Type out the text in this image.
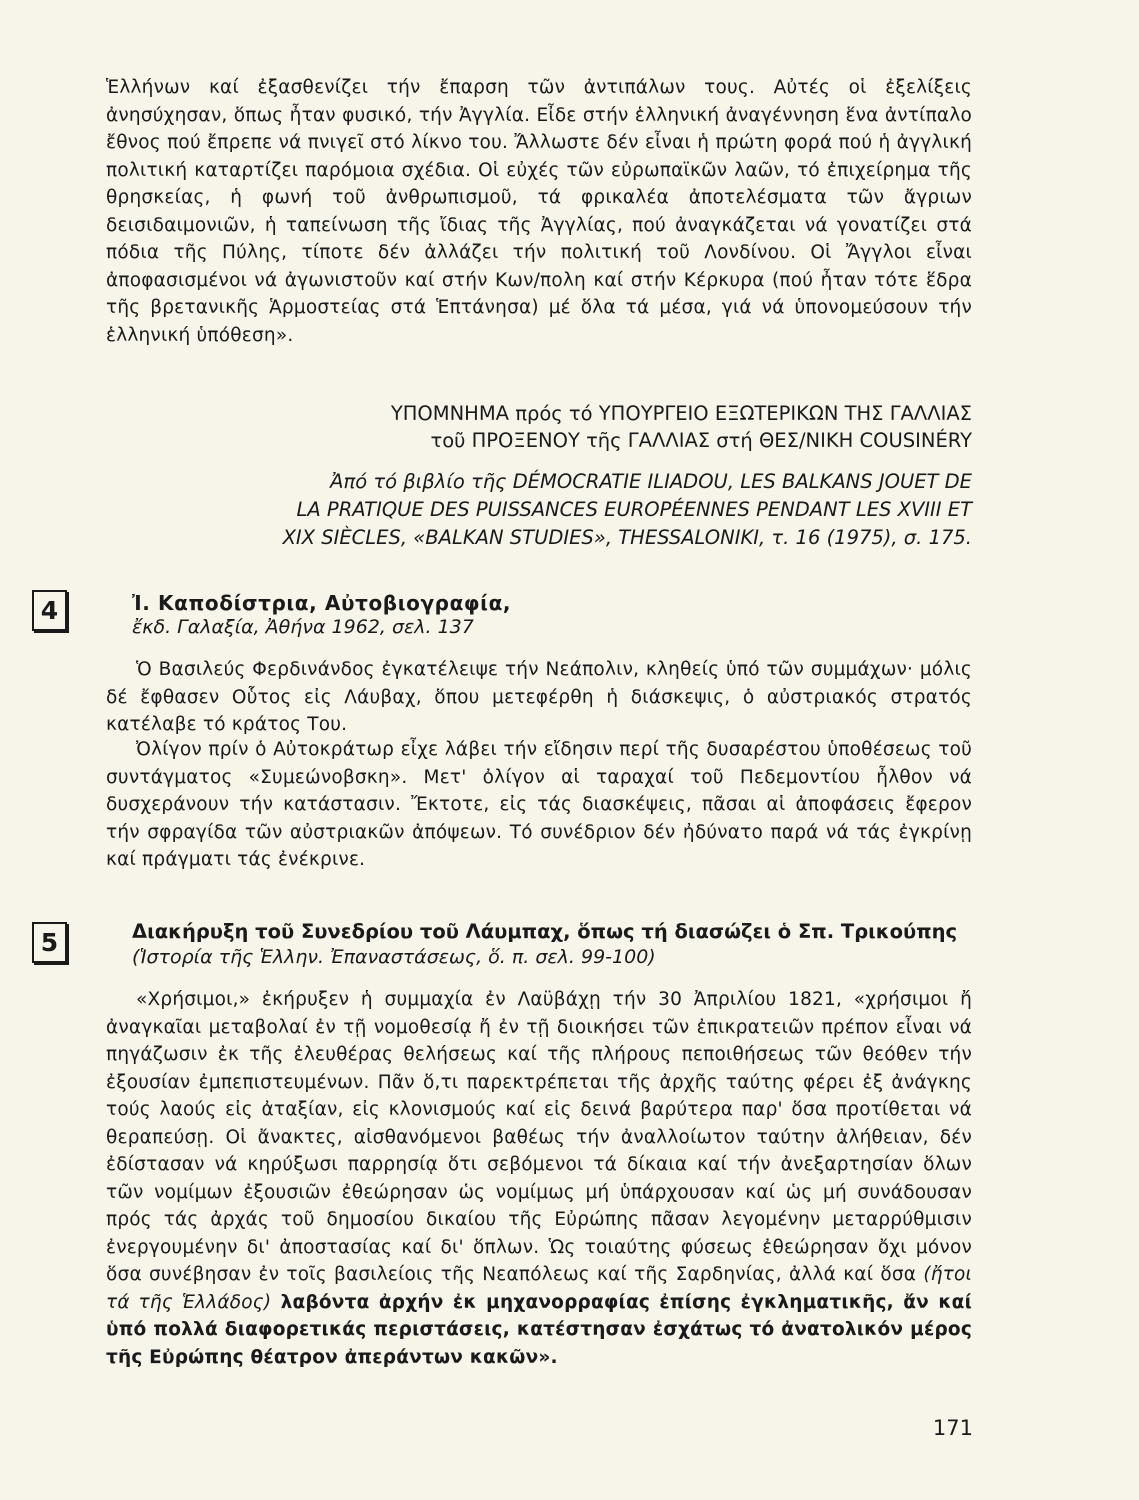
Ἑλλήνων καί ἐξασθενίζει τήν ἔπαρση τῶν ἀντιπάλων τους. Αὐτές οἱ ἐξελίξεις ἀνησύχησαν, ὅπως ἦταν φυσικό, τήν Ἀγγλία. Εἶδε στήν ἑλληνική ἀναγέννηση ἕνα ἀντίπαλο ἔθνος πού ἔπρεπε νά πνιγεῖ στό λίκνο του. Ἄλλωστε δέν εἶναι ἡ πρώτη φορά πού ἡ ἀγγλική πολιτική καταρτίζει παρόμοια σχέδια. Οἱ εὐχές τῶν εὐρωπαϊκῶν λαῶν, τό ἐπιχείρημα τῆς θρησκείας, ἡ φωνή τοῦ ἀνθρωπισμοῦ, τά φρικαλέα ἀποτελέσματα τῶν ἄγριων δεισιδαιμονιῶν, ἡ ταπείνωση τῆς ἴδιας τῆς Ἀγγλίας, πού ἀναγκάζεται νά γονατίζει στά πόδια τῆς Πύλης, τίποτε δέν ἀλλάζει τήν πολιτική τοῦ Λονδίνου. Οἱ Ἄγγλοι εἶναι ἀποφασισμένοι νά ἀγωνιστοῦν καί στήν Κων/πολη καί στήν Κέρκυρα (πού ἦταν τότε ἕδρα τῆς βρετανικῆς Ἁρμοστείας στά Ἑπτάνησα) μέ ὅλα τά μέσα, γιά νά ὑπονομεύσουν τήν ἑλληνική ὑπόθεση».

ΥΠΟΜΝΗΜΑ πρός τό ΥΠΟΥΡΓΕΙΟ ΕΞΩΤΕΡΙΚΩΝ ΤΗΣ ΓΑΛΛΙΑΣ

τοῦ ΠΡΟΞΕΝΟΥ τῆς ΓΑΛΛΙΑΣ στή ΘΕΣ/ΝΙΚΗ COUSINÉRY

Ἀπό τό βιβλίο τῆς DÉMOCRATIE ILIADOU, LES BALKANS JOUET DE

LA PRATIQUE DES PUISSANCES EUROPÉENNES PENDANT LES XVIII ET

XIX SIÈCLES, «BALKAN STUDIES», THESSALONIKI, τ. 16 (1975), σ. 175.

4	Ἰ. Καποδίστρια, Αὐτοβιογραφία,

ἔκδ. Γαλαξία, Ἀθήνα 1962, σελ. 137

Ὁ Βασιλεύς Φερδινάνδος ἐγκατέλειψε τήν Νεάπολιν, κληθείς ὑπό τῶν συμμάχων· μόλις δέ ἔφθασεν Οὗτος εἰς Λάυβαχ, ὅπου μετεφέρθη ἡ διάσκεψις, ὁ αὐστριακός στρατός κατέλαβε τό κράτος Του.

Ὀλίγον πρίν ὁ Αὐτοκράτωρ εἶχε λάβει τήν εἴδησιν περί τῆς δυσαρέστου ὑποθέσεως τοῦ συντάγματος «Συμεώνοβσκη». Μετ' ὀλίγον αἱ ταραχαί τοῦ Πεδεμοντίου ἦλθον νά δυσχεράνουν τήν κατάστασιν. Ἔκτοτε, εἰς τάς διασκέψεις, πᾶσαι αἱ ἀποφάσεις ἔφερον τήν σφραγίδα τῶν αὐστριακῶν ἀπόψεων. Τό συνέδριον δέν ἠδύνατο παρά νά τάς ἐγκρίνῃ καί πράγματι τάς ἐνέκρινε.

5	Διακήρυξη τοῦ Συνεδρίου τοῦ Λάυμπαχ, ὅπως τή διασώζει ὁ Σπ. Τρικούπης

(Ἱστορία τῆς Ἑλλην. Ἐπαναστάσεως, ὅ. π. σελ. 99-100)

«Χρήσιμοι,» ἐκήρυξεν ἡ συμμαχία ἐν Λαϋβάχῃ τήν 30 Ἀπριλίου 1821, «χρήσιμοι ἤ ἀναγκαῖαι μεταβολαί ἐν τῇ νομοθεσίᾳ ἤ ἐν τῇ διοικήσει τῶν ἐπικρατειῶν πρέπον εἶναι νά πηγάζωσιν ἐκ τῆς ἐλευθέρας θελήσεως καί τῆς πλήρους πεποιθήσεως τῶν θεόθεν τήν ἐξουσίαν ἐμπεπιστευμένων. Πᾶν ὅ,τι παρεκτρέπεται τῆς ἀρχῆς ταύτης φέρει ἐξ ἀνάγκης τούς λαούς εἰς ἀταξίαν, εἰς κλονισμούς καί εἰς δεινά βαρύτερα παρ' ὅσα προτίθεται νά θεραπεύσῃ. Οἱ ἄνακτες, αἰσθανόμενοι βαθέως τήν ἀναλλοίωτον ταύτην ἀλήθειαν, δέν ἐδίστασαν νά κηρύξωσι παρρησίᾳ ὅτι σεβόμενοι τά δίκαια καί τήν ἀνεξαρτησίαν ὅλων τῶν νομίμων ἐξουσιῶν ἐθεώρησαν ὡς νομίμως μή ὑπάρχουσαν καί ὡς μή συνάδουσαν πρός τάς ἀρχάς τοῦ δημοσίου δικαίου τῆς Εὐρώπης πᾶσαν λεγομένην μεταρρύθμισιν ἐνεργουμένην δι' ἀποστασίας καί δι' ὅπλων. Ὡς τοιαύτης φύσεως ἐθεώρησαν ὄχι μόνον ὅσα συνέβησαν ἐν τοῖς βασιλείοις τῆς Νεαπόλεως καί τῆς Σαρδηνίας, ἀλλά καί ὅσα (ἤτοι τά τῆς Ἑλλάδος) λαβόντα ἀρχήν ἐκ μηχανορραφίας ἐπίσης ἐγκληματικῆς, ἄν καί ὑπό πολλά διαφορετικάς περιστάσεις, κατέστησαν ἐσχάτως τό ἀνατολικόν μέρος τῆς Εὐρώπης θέατρον ἀπεράντων κακῶν».

171
